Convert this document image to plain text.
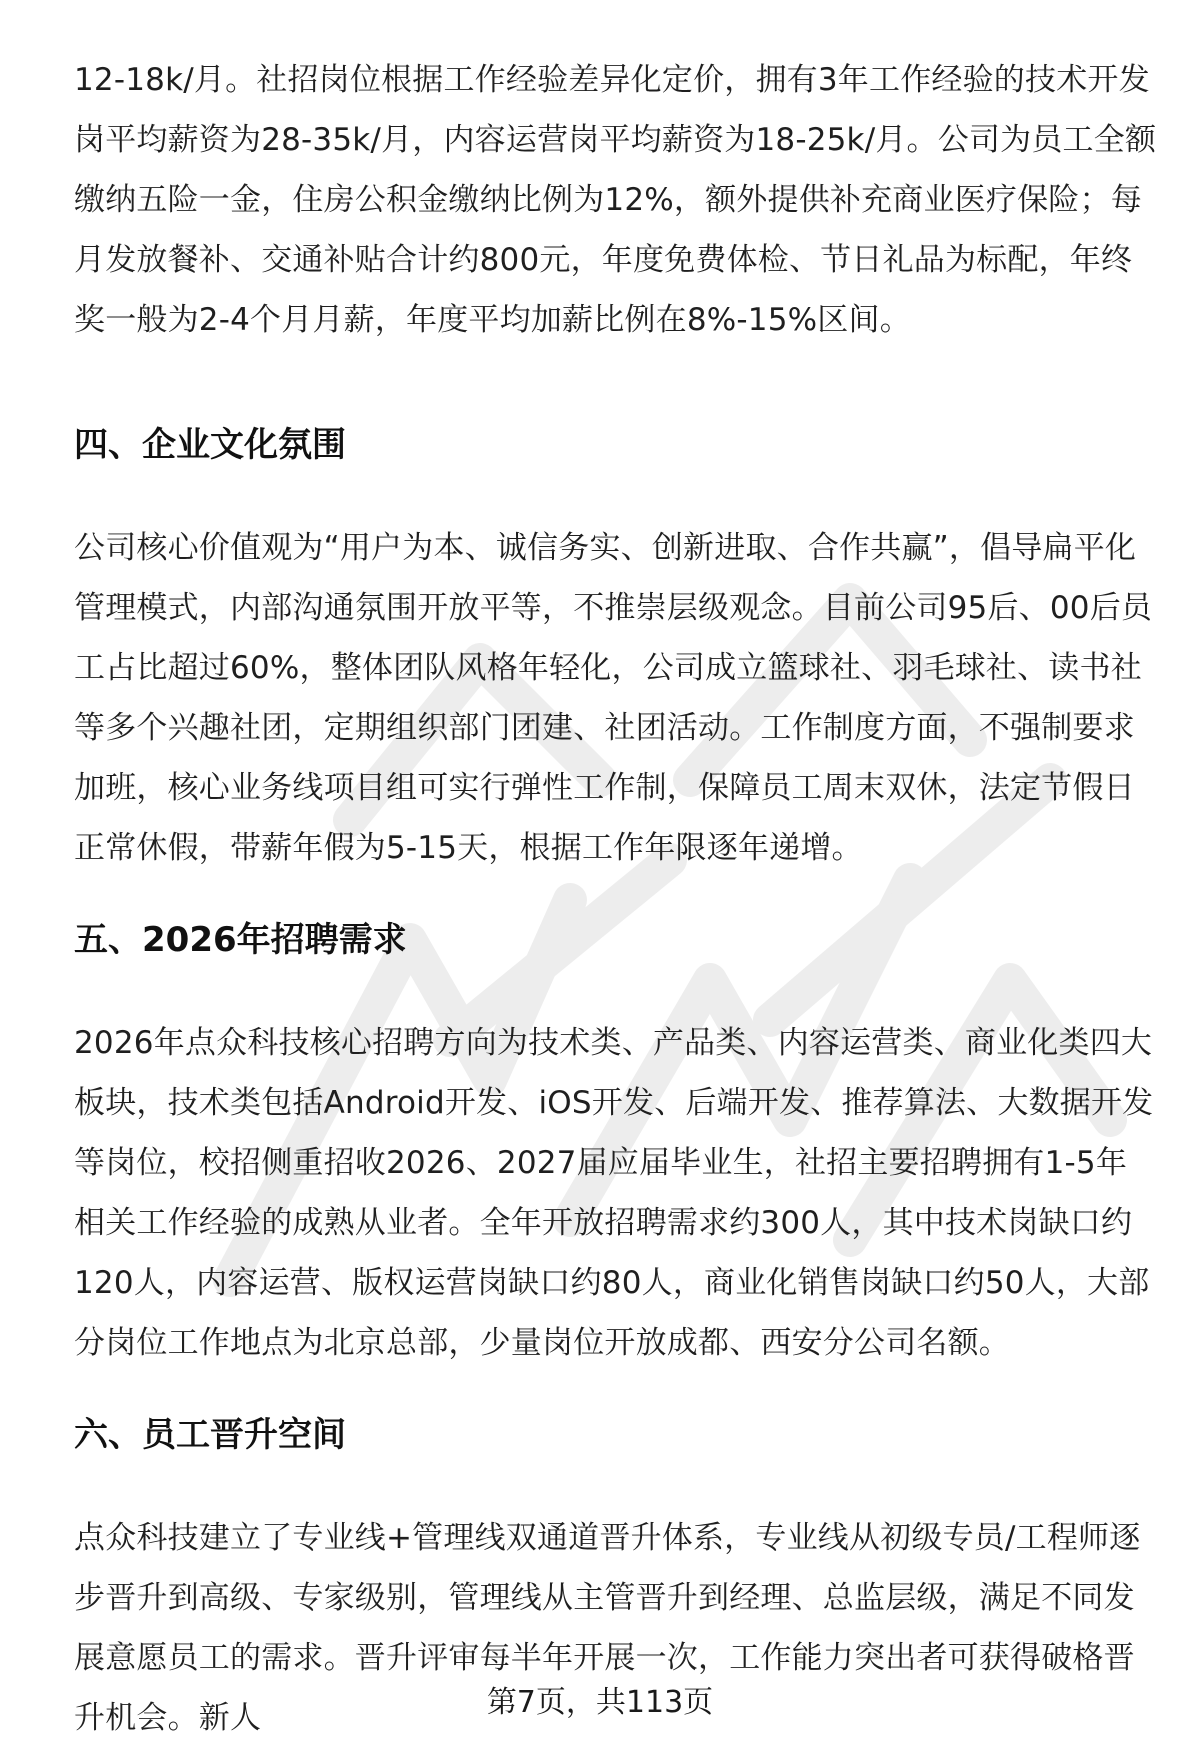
12-18k/月。社招岗位根据工作经验差异化定价，拥有3年工作经验的技术开发岗平均薪资为28-35k/月，内容运营岗平均薪资为18-25k/月。公司为员工全额缴纳五险一金，住房公积金缴纳比例为12%，额外提供补充商业医疗保险；每月发放餐补、交通补贴合计约800元，年度免费体检、节日礼品为标配，年终奖一般为2-4个月月薪，年度平均加薪比例在8%-15%区间。

四、企业文化氛围

公司核心价值观为“用户为本、诚信务实、创新进取、合作共赢”，倡导扁平化管理模式，内部沟通氛围开放平等，不推崇层级观念。目前公司95后、00后员工占比超过60%，整体团队风格年轻化，公司成立篮球社、羽毛球社、读书社等多个兴趣社团，定期组织部门团建、社团活动。工作制度方面，不强制要求加班，核心业务线项目组可实行弹性工作制，保障员工周末双休，法定节假日正常休假，带薪年假为5-15天，根据工作年限逐年递增。

五、2026年招聘需求

2026年点众科技核心招聘方向为技术类、产品类、内容运营类、商业化类四大板块，技术类包括Android开发、iOS开发、后端开发、推荐算法、大数据开发等岗位，校招侧重招收2026、2027届应届毕业生，社招主要招聘拥有1-5年相关工作经验的成熟从业者。全年开放招聘需求约300人，其中技术岗缺口约120人，内容运营、版权运营岗缺口约80人，商业化销售岗缺口约50人，大部分岗位工作地点为北京总部，少量岗位开放成都、西安分公司名额。

六、员工晋升空间

点众科技建立了专业线+管理线双通道晋升体系，专业线从初级专员/工程师逐步晋升到高级、专家级别，管理线从主管晋升到经理、总监层级，满足不同发展意愿员工的需求。晋升评审每半年开展一次，工作能力突出者可获得破格晋升机会。新人	第7页，共113页
